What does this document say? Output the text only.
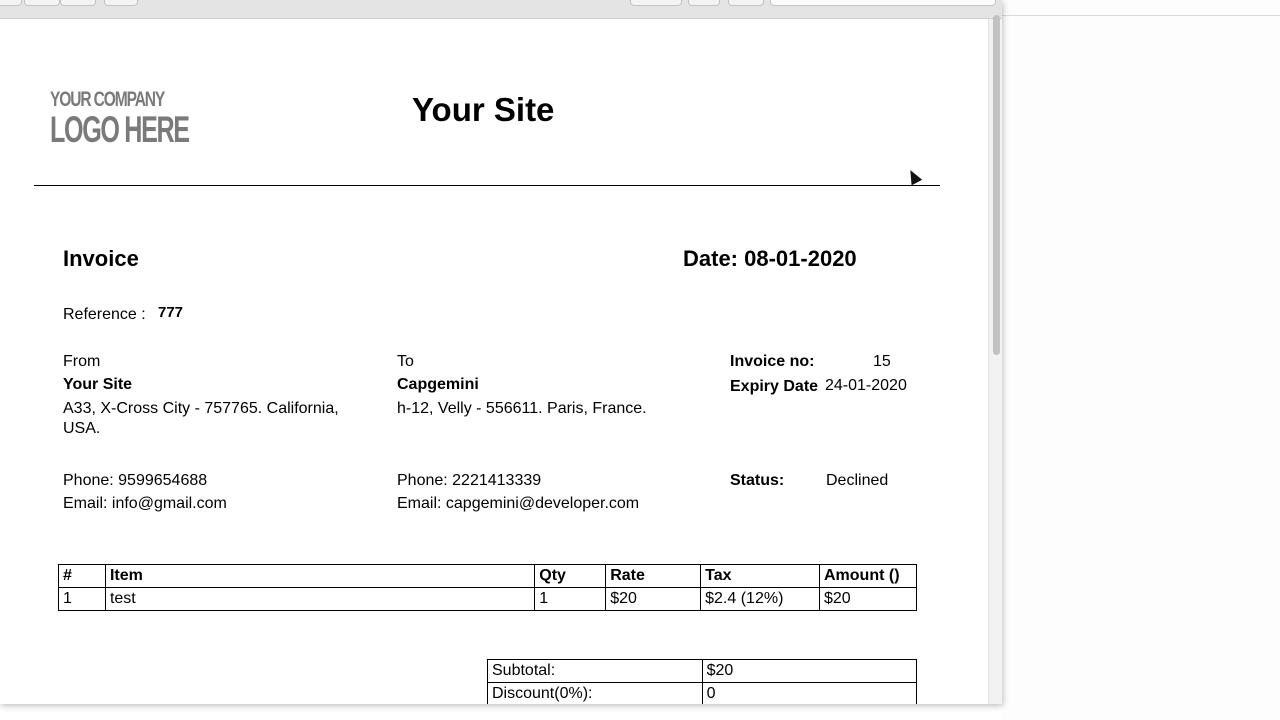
YOUR COMPANY
LOGO HERE	Your Site
Invoice	Date: 08-01-2020
Reference : 777
From
Your Site
A33, X-Cross City - 757765. California,
USA.
Phone: 9599654688
Email: info@gmail.com
To
Capgemini
h-12, Velly - 556611. Paris, France.
Phone: 2221413339
Email: capgemini@developer.com
Invoice no:	15
Expiry Date 24-01-2020
Status:	Declined
#	Item	Qty	Rate	Tax	Amount ()
1	test	1	$20	$2.4 (12%)	$20
Subtotal:	$20
Discount(0%):	0
